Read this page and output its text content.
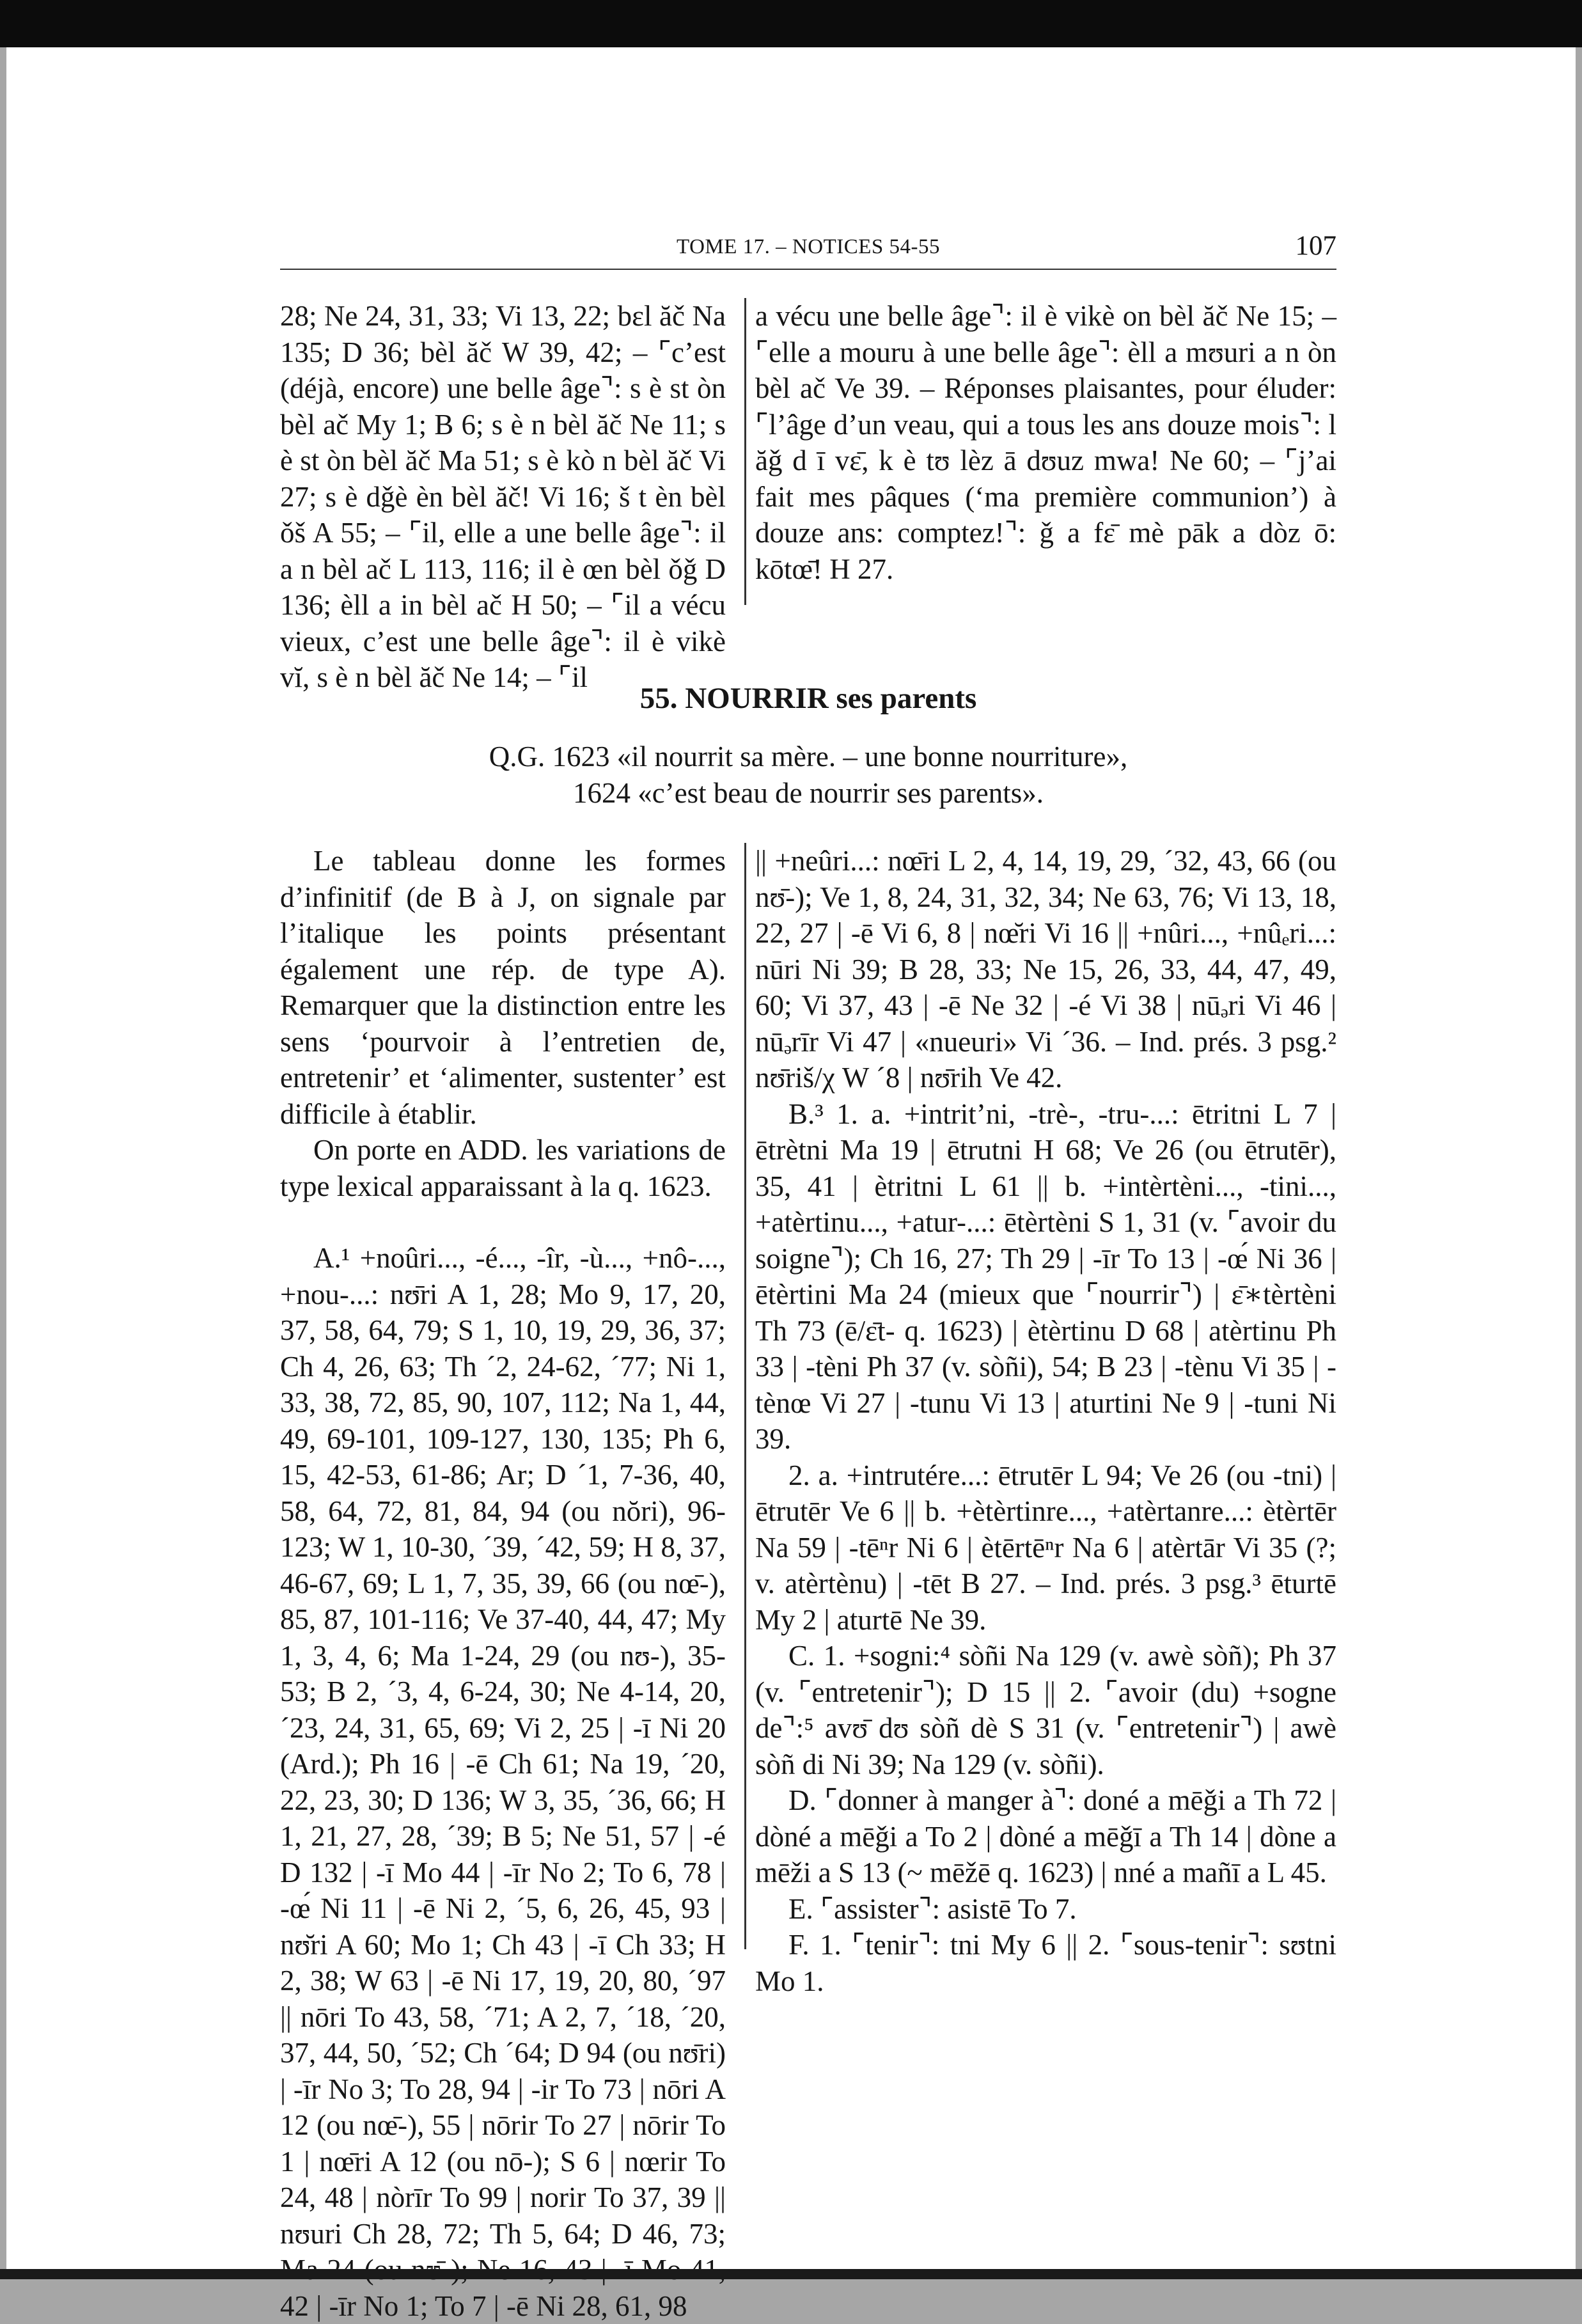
TOME 17. – NOTICES 54-55	107

28; Ne 24, 31, 33; Vi 13, 22; bɛl ăč Na 135; D 36; bèl ăč W 39, 42; – ⌜c’est (déjà, encore) une belle âge⌝: s è st òn bèl ač My 1; B 6; s è n bèl ăč Ne 11; s è st òn bèl ăč Ma 51; s è kò n bèl ăč Vi 27; s è dǧè èn bèl ăč! Vi 16; š t èn bèl ǒš A 55; – ⌜il, elle a une belle âge⌝: il a n bèl ač L 113, 116; il è œn bèl ǒǧ D 136; èll a in bèl ač H 50; – ⌜il a vécu vieux, c’est une belle âge⌝: il è vikè vĭ, s è n bèl ăč Ne 14; – ⌜il

a vécu une belle âge⌝: il è vikè on bèl ăč Ne 15; – ⌜elle a mouru à une belle âge⌝: èll a mʊuri a n òn bèl ač Ve 39. – Réponses plaisantes, pour éluder: ⌜l’âge d’un veau, qui a tous les ans douze mois⌝: l ăǧ d ī vɛ̄, k è tʊ lèz ā dʊuz mwa! Ne 60; – ⌜j’ai fait mes pâques (‘ma première communion’) à douze ans: comptez!⌝: ǧ a fɛ̄ mè pāk a dòz ō: kōtœ̄! H 27.

55. NOURRIR ses parents
Q.G. 1623 «il nourrit sa mère. – une bonne nourriture»,
1624 «c’est beau de nourrir ses parents».

Le tableau donne les formes d’infinitif (de B à J, on signale par l’italique les points présentant également une rép. de type A). Remarquer que la distinction entre les sens ‘pourvoir à l’entretien de, entretenir’ et ‘alimenter, sustenter’ est difficile à établir.

On porte en ADD. les variations de type lexical apparaissant à la q. 1623.

A.¹ +noûri..., -é..., -îr, -ù..., +nô-..., +nou-...: nʊ̄ri A 1, 28; Mo 9, 17, 20, 37, 58, 64, 79; S 1, 10, 19, 29, 36, 37; Ch 4, 26, 63; Th ´2, 24-62, ´77; Ni 1, 33, 38, 72, 85, 90, 107, 112; Na 1, 44, 49, 69-101, 109-127, 130, 135; Ph 6, 15, 42-53, 61-86; Ar; D ´1, 7-36, 40, 58, 64, 72, 81, 84, 94 (ou nŏri), 96-123; W 1, 10-30, ´39, ´42, 59; H 8, 37, 46-67, 69; L 1, 7, 35, 39, 66 (ou nœ̄-), 85, 87, 101-116; Ve 37-40, 44, 47; My 1, 3, 4, 6; Ma 1-24, 29 (ou nʊ-), 35-53; B 2, ´3, 4, 6-24, 30; Ne 4-14, 20, ´23, 24, 31, 65, 69; Vi 2, 25 | -ī Ni 20 (Ard.); Ph 16 | -ē Ch 61; Na 19, ´20, 22, 23, 30; D 136; W 3, 35, ´36, 66; H 1, 21, 27, 28, ´39; B 5; Ne 51, 57 | -é D 132 | -ī Mo 44 | -īr No 2; To 6, 78 | -œ́ Ni 11 | -ē Ni 2, ´5, 6, 26, 45, 93 | nʊ̆ri A 60; Mo 1; Ch 43 | -ī Ch 33; H 2, 38; W 63 | -ē Ni 17, 19, 20, 80, ´97 || nōri To 43, 58, ´71; A 2, 7, ´18, ´20, 37, 44, 50, ´52; Ch ´64; D 94 (ou nʊ̄ri) | -īr No 3; To 28, 94 | -ir To 73 | nōri A 12 (ou nœ̄-), 55 | nōrir To 27 | nōrir To 1 | nœ̄ri A 12 (ou nō-); S 6 | nœrir To 24, 48 | nòrīr To 99 | norir To 37, 39 || nʊuri Ch 28, 72; Th 5, 64; D 46, 73; 42 | -īr No 1; To 7 | -ē Ni 28, 61, 98

|| +neûri...: nœ̄ri L 2, 4, 14, 19, 29, ´32, 43, 66 (ou nʊ̄-); Ve 1, 8, 24, 31, 32, 34; Ne 63, 76; Vi 13, 18, 22, 27 | -ē Vi 6, 8 | nœ̆ri Vi 16 || +nûri..., +nûₑri...: nūri Ni 39; B 28, 33; Ne 15, 26, 33, 44, 47, 49, 60; Vi 37, 43 | -ē Ne 32 | -é Vi 38 | nūₔri Vi 46 | nūₔrīr Vi 47 | «nueuri» Vi ´36. – Ind. prés. 3 psg.² nʊ̄riš/χ W ´8 | nʊ̄rih Ve 42.

B.³ 1. a. +intrit’ni, -trè-, -tru-...: ētritni L 7 | ētrètni Ma 19 | ētrutni H 68; Ve 26 (ou ētrutēr), 35, 41 | ètritni L 61 || b. +intèrtèni..., -tini..., +atèrtinu..., +atur-...: ētèrtèni S 1, 31 (v. ⌜avoir du soigne⌝); Ch 16, 27; Th 29 | -īr To 13 | -œ́ Ni 36 | ētèrtini Ma 24 (mieux que ⌜nourrir⌝) | ɛ̄∗tèrtèni Th 73 (ē/ɛ̄t- q. 1623) | ètèrtinu D 68 | atèrtinu Ph 33 | -tèni Ph 37 (v. sòñi), 54; B 23 | -tènu Vi 35 | -tènœ Vi 27 | -tunu Vi 13 | aturtini Ne 9 | -tuni Ni 39.

2. a. +intrutére...: ētrutēr L 94; Ve 26 (ou -tni) | ētrutēr Ve 6 || b. +ètèrtinre..., +atèrtanre...: ètèrtēr Na 59 | -tēⁿr Ni 6 | ètērtēⁿr Na 6 | atèrtār Vi 35 (?; v. atèrtènu) | -tēt B 27. – Ind. prés. 3 psg.³ ēturtē My 2 | aturtē Ne 39.

C. 1. +sogni:⁴ sòñi Na 129 (v. awè sòñ); Ph 37 (v. ⌜entretenir⌝); D 15 || 2. ⌜avoir (du) +sogne de⌝:⁵ avʊ̄ dʊ sòñ dè S 31 (v. ⌜entretenir⌝) | awè sòñ di Ni 39; Na 129 (v. sòñi).

D. ⌜donner à manger à⌝: doné a mēǧi a Th 72 | dòné a mēǧi a To 2 | dòné a mēǧī a Th 14 | dòne a mēži a S 13 (~ mēžē q. 1623) | nné a mañī a L 45.

E. ⌜assister⌝: asistē To 7.

F. 1. ⌜tenir⌝: tni My 6 || 2. ⌜sous-tenir⌝: sʊtni Mo 1.
